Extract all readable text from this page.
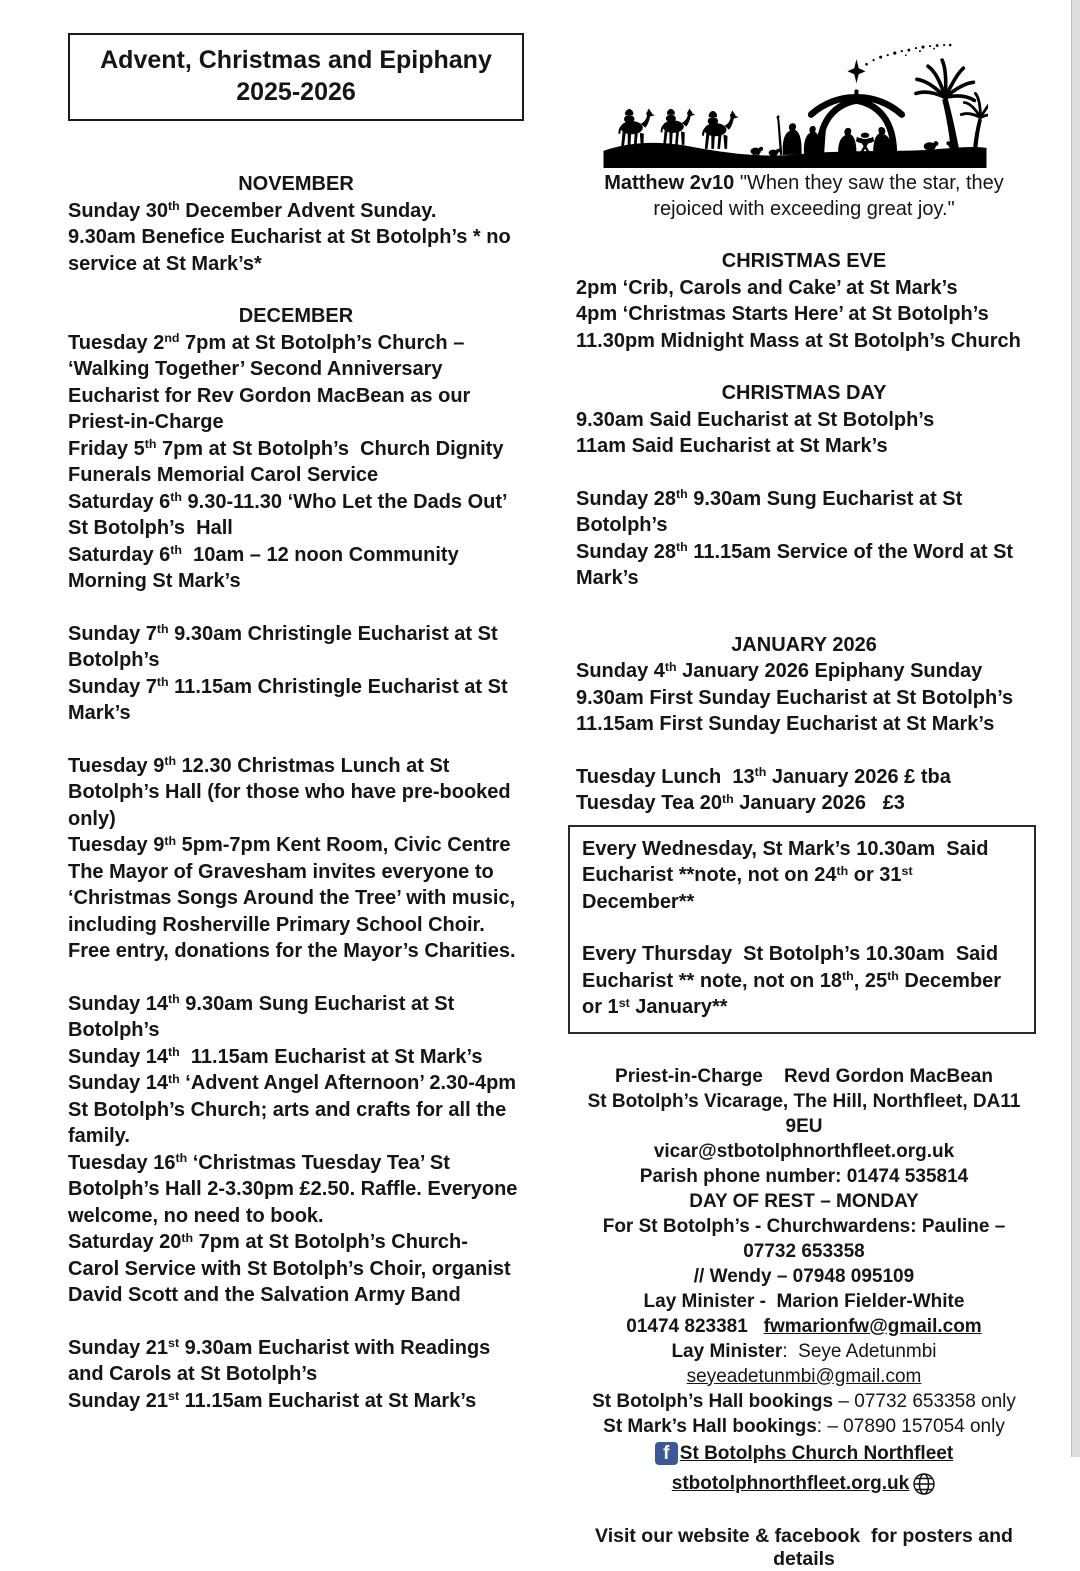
Advent, Christmas and Epiphany
2025-2026
NOVEMBER
Sunday 30th December Advent Sunday.
9.30am Benefice Eucharist at St Botolph’s * no service at St Mark’s*
DECEMBER
Tuesday 2nd 7pm at St Botolph’s Church – ‘Walking Together’ Second Anniversary Eucharist for Rev Gordon MacBean as our Priest-in-Charge
Friday 5th 7pm at St Botolph’s  Church Dignity Funerals Memorial Carol Service
Saturday 6th 9.30-11.30 ‘Who Let the Dads Out’ St Botolph’s  Hall
Saturday 6th  10am – 12 noon Community Morning St Mark’s
Sunday 7th 9.30am Christingle Eucharist at St Botolph’s
Sunday 7th 11.15am Christingle Eucharist at St Mark’s
Tuesday 9th 12.30 Christmas Lunch at St Botolph’s Hall (for those who have pre-booked only)
Tuesday 9th 5pm-7pm Kent Room, Civic Centre The Mayor of Gravesham invites everyone to ‘Christmas Songs Around the Tree’ with music, including Rosherville Primary School Choir.
Free entry, donations for the Mayor’s Charities.
Sunday 14th 9.30am Sung Eucharist at St Botolph’s
Sunday 14th  11.15am Eucharist at St Mark’s
Sunday 14th ‘Advent Angel Afternoon’ 2.30-4pm St Botolph’s Church; arts and crafts for all the family.
Tuesday 16th ‘Christmas Tuesday Tea’ St Botolph’s Hall 2-3.30pm £2.50. Raffle. Everyone welcome, no need to book.
Saturday 20th 7pm at St Botolph’s Church- Carol Service with St Botolph’s Choir, organist David Scott and the Salvation Army Band
Sunday 21st 9.30am Eucharist with Readings and Carols at St Botolph’s
Sunday 21st 11.15am Eucharist at St Mark’s
Matthew 2v10 "When they saw the star, they rejoiced with exceeding great joy."
CHRISTMAS EVE
2pm ‘Crib, Carols and Cake’ at St Mark’s
4pm ‘Christmas Starts Here’ at St Botolph’s
11.30pm Midnight Mass at St Botolph’s Church
CHRISTMAS DAY
9.30am Said Eucharist at St Botolph’s
11am Said Eucharist at St Mark’s
Sunday 28th 9.30am Sung Eucharist at St Botolph’s
Sunday 28th 11.15am Service of the Word at St Mark’s
JANUARY 2026
Sunday 4th January 2026 Epiphany Sunday
9.30am First Sunday Eucharist at St Botolph’s
11.15am First Sunday Eucharist at St Mark’s
Tuesday Lunch  13th January 2026 £ tba
Tuesday Tea 20th January 2026   £3
Every Wednesday, St Mark’s 10.30am  Said Eucharist **note, not on 24th or 31st December**
Every Thursday  St Botolph’s 10.30am  Said Eucharist ** note, not on 18th, 25th December or 1st January**
Priest-in-Charge    Revd Gordon MacBean
St Botolph’s Vicarage, The Hill, Northfleet, DA11 9EU
vicar@stbotolphnorthfleet.org.uk
Parish phone number: 01474 535814
DAY OF REST – MONDAY
For St Botolph’s - Churchwardens: Pauline – 07732 653358
// Wendy – 07948 095109
Lay Minister -  Marion Fielder-White
01474 823381   fwmarionfw@gmail.com
Lay Minister:  Seye Adetunmbi seyeadetunmbi@gmail.com
St Botolph’s Hall bookings – 07732 653358 only
St Mark’s Hall bookings: – 07890 157054 only
f St Botolphs Church Northfleet
stbotolphnorthfleet.org.uk
Visit our website & facebook  for posters and details
